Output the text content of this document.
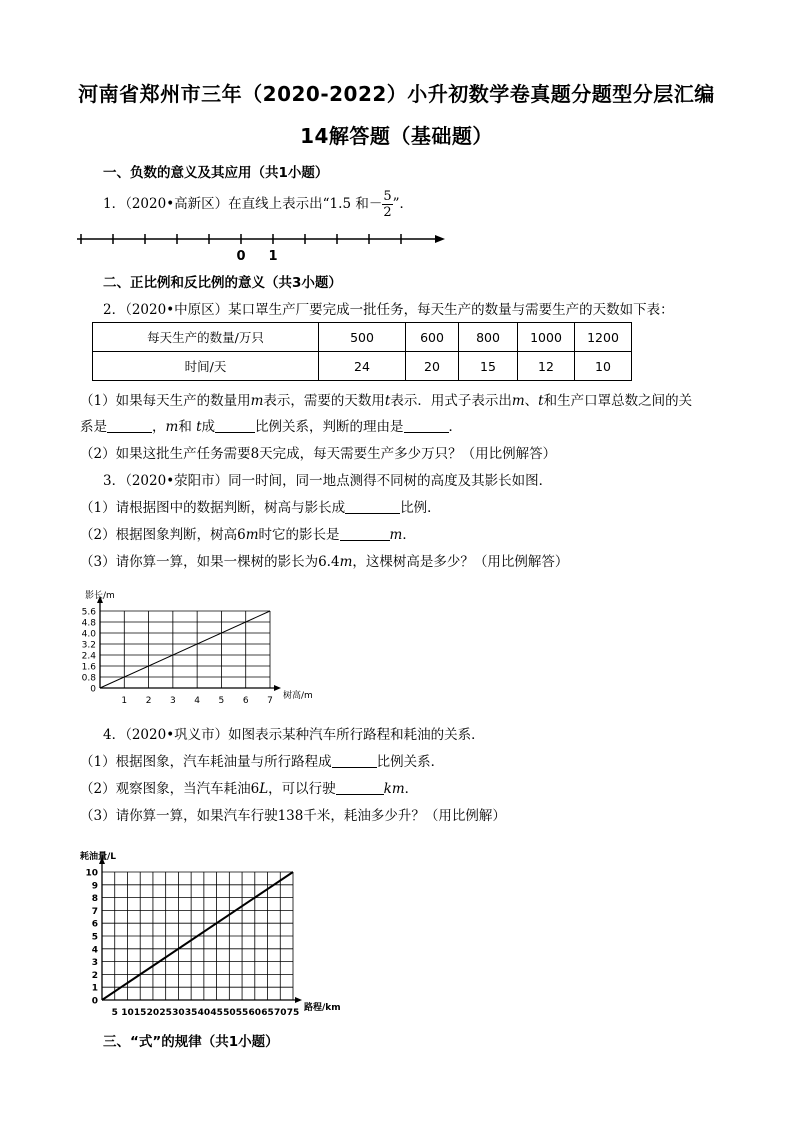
河南省郑州市三年（2020-2022）小升初数学卷真题分题型分层汇编
14解答题（基础题）
一、负数的意义及其应用（共1小题）
1．（2020•高新区）在直线上表示出“1.5 和－ $\frac{5}{2}$ ”．
0 1
二、正比例和反比例的意义（共3小题）
2．（2020•中原区）某口罩生产厂要完成一批任务，每天生产的数量与需要生产的天数如下表：
每天生产的数量/万只	500	600	800	1000	1200
时间/天	24	20	15	12	10
（1）如果每天生产的数量用m表示，需要的天数用t表示．用式子表示出m、t和生产口罩总数之间的关
系是	，m和 t成	比例关系，判断的理由是	．
（2）如果这批生产任务需要8天完成，每天需要生产多少万只？（用比例解答）
3．（2020•荥阳市）同一时间，同一地点测得不同树的高度及其影长如图．
（1）请根据图中的数据判断，树高与影长成	比例．
（2）根据图象判断，树高6m时它的影长是	m．
（3）请你算一算，如果一棵树的影长为6.4m，这棵树高是多少？（用比例解答）
1 2 3 4 5 6 7
0
0.8
1.6
2.4
3.2
4.0
4.8
5.6
树高/m
影长/m
4．（2020•巩义市）如图表示某种汽车所行路程和耗油的关系．
（1）根据图象，汽车耗油量与所行路程成	比例关系．
（2）观察图象，当汽车耗油6L，可以行驶	km．
（3）请你算一算，如果汽车行驶138千米，耗油多少升？（用比例解）
5 10 15 20 25 30 35 40 45 50 55 60 65 70 75
0
1
2
3
4
5
6
7
8
9
10
路程/km
耗油量/L
三、“式”的规律（共1小题）
